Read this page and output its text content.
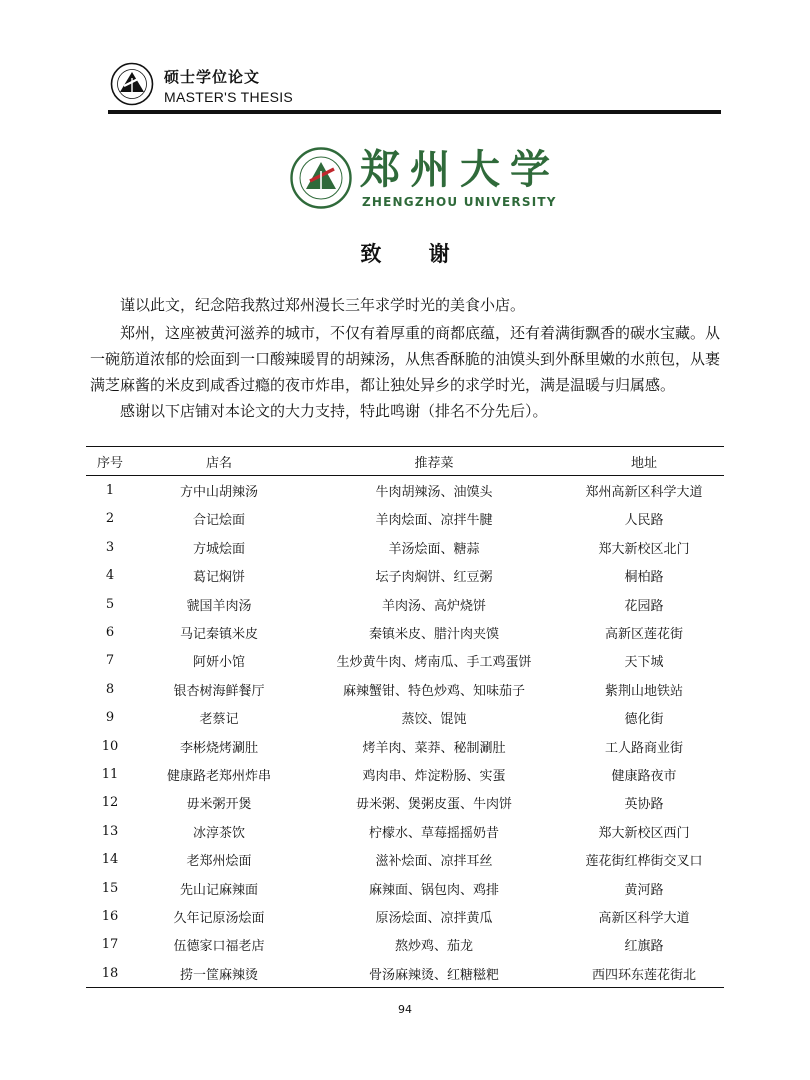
硕士学位论文
MASTER'S THESIS
郑州大学
ZHENGZHOU UNIVERSITY
致 谢

谨以此文，纪念陪我熬过郑州漫长三年求学时光的美食小店。

郑州，这座被黄河滋养的城市，不仅有着厚重的商都底蕴，还有着满街飘香的碳水宝藏。从一碗筋道浓郁的烩面到一口酸辣暖胃的胡辣汤，从焦香酥脆的油馍头到外酥里嫩的水煎包，从裹满芝麻酱的米皮到咸香过瘾的夜市炸串，都让独处异乡的求学时光，满是温暖与归属感。

感谢以下店铺对本论文的大力支持，特此鸣谢（排名不分先后）。

序号	店名	推荐菜	地址
1	方中山胡辣汤	牛肉胡辣汤、油馍头	郑州高新区科学大道
2	合记烩面	羊肉烩面、凉拌牛腱	人民路
3	方城烩面	羊汤烩面、糖蒜	郑大新校区北门
4	葛记焖饼	坛子肉焖饼、红豆粥	桐柏路
5	虢国羊肉汤	羊肉汤、高炉烧饼	花园路
6	马记秦镇米皮	秦镇米皮、腊汁肉夹馍	高新区莲花街
7	阿妍小馆	生炒黄牛肉、烤南瓜、手工鸡蛋饼	天下城
8	银杏树海鲜餐厅	麻辣蟹钳、特色炒鸡、知味茄子	紫荆山地铁站
9	老蔡记	蒸饺、馄饨	德化街
10	李彬烧烤涮肚	烤羊肉、菜莽、秘制涮肚	工人路商业街
11	健康路老郑州炸串	鸡肉串、炸淀粉肠、实蛋	健康路夜市
12	毋米粥开煲	毋米粥、煲粥皮蛋、牛肉饼	英协路
13	冰淳茶饮	柠檬水、草莓摇摇奶昔	郑大新校区西门
14	老郑州烩面	滋补烩面、凉拌耳丝	莲花街红桦街交叉口
15	先山记麻辣面	麻辣面、锅包肉、鸡排	黄河路
16	久年记原汤烩面	原汤烩面、凉拌黄瓜	高新区科学大道
17	伍德家口福老店	熬炒鸡、茄龙	红旗路
18	捞一筐麻辣烫	骨汤麻辣烫、红糖糍粑	西四环东莲花街北
94
